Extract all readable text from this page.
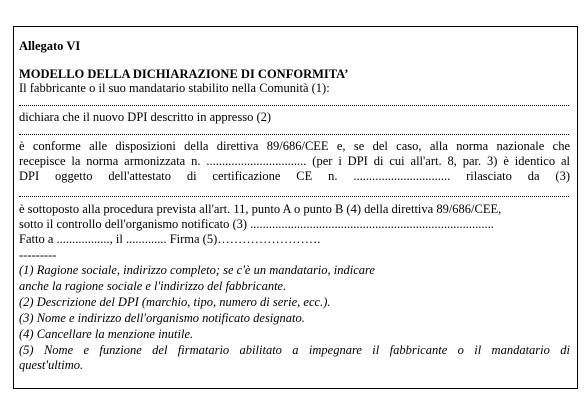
Allegato VI
MODELLO DELLA DICHIARAZIONE DI CONFORMITA’
Il fabbricante o il suo mandatario stabilito nella Comunità (1):
dichiara che il nuovo DPI descritto in appresso (2)
è conforme alle disposizioni della direttiva 89/686/CEE e, se del caso, alla norma nazionale che
recepisce la norma armonizzata n. ................................ (per i DPI di cui all'art. 8, par. 3) è identico al
DPI oggetto dell'attestato di certificazione CE n. ............................... rilasciato da (3)
è sottoposto alla procedura prevista all'art. 11, punto A o punto B (4) della direttiva 89/686/CEE,
sotto il controllo dell'organismo notificato (3) ..............................................................................
Fatto a ................., il ............. Firma (5)…………………….
---------
(1) Ragione sociale, indirizzo completo; se c'è un mandatario, indicare
anche la ragione sociale e l'indirizzo del fabbricante.
(2) Descrizione del DPI (marchio, tipo, numero di serie, ecc.).
(3) Nome e indirizzo dell'organismo notificato designato.
(4) Cancellare la menzione inutile.
(5) Nome e funzione del firmatario abilitato a impegnare il fabbricante o il mandatario di
quest'ultimo.
